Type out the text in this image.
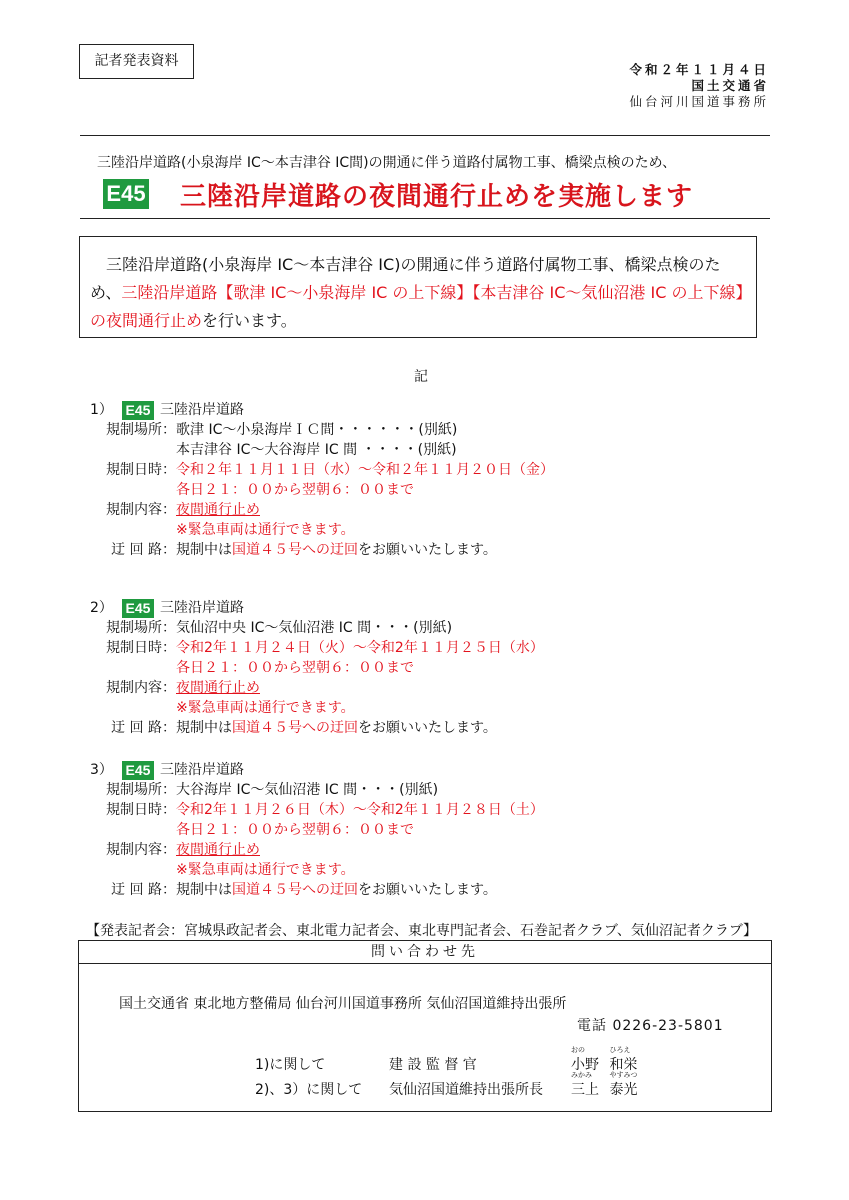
記者発表資料
令和２年１１月４日
国土交通省
仙台河川国道事務所
三陸沿岸道路(小泉海岸 IC～本吉津谷 IC間)の開通に伴う道路付属物工事、橋梁点検のため、
E45 三陸沿岸道路の夜間通行止めを実施します

三陸沿岸道路(小泉海岸 IC～本吉津谷 IC)の開通に伴う道路付属物工事、橋梁点検のため、三陸沿岸道路【歌津 IC～小泉海岸 IC の上下線】【本吉津谷 IC～気仙沼港 IC の上下線】の夜間通行止めを行います。

記
1） E45 三陸沿岸道路
規制場所： 歌津 IC～小泉海岸ＩＣ間・・・・・・(別紙)
本吉津谷 IC～大谷海岸 IC 間 ・・・・(別紙)
規制日時： 令和２年１１月１１日（水）～令和２年１１月２０日（金）
各日２１：００から翌朝６：００まで
規制内容： 夜間通行止め
※緊急車両は通行できます。
迂 回 路： 規制中は国道４５号への迂回をお願いいたします。
2） E45 三陸沿岸道路
規制場所： 気仙沼中央 IC～気仙沼港 IC 間・・・(別紙)
規制日時： 令和2年１１月２４日（火）～令和2年１１月２５日（水）
各日２１：００から翌朝６：００まで
規制内容： 夜間通行止め
※緊急車両は通行できます。
迂 回 路： 規制中は国道４５号への迂回をお願いいたします。
3） E45 三陸沿岸道路
規制場所： 大谷海岸 IC～気仙沼港 IC 間・・・(別紙)
規制日時： 令和2年１１月２６日（木）～令和2年１１月２８日（土）
各日２１：００から翌朝６：００まで
規制内容： 夜間通行止め
※緊急車両は通行できます。
迂 回 路： 規制中は国道４５号への迂回をお願いいたします。
【発表記者会：宮城県政記者会、東北電力記者会、東北専門記者会、石巻記者クラブ、気仙沼記者クラブ】
問い合わせ先
国土交通省 東北地方整備局 仙台河川国道事務所 気仙沼国道維持出張所
電話 0226-23-5801
1)に関して	建 設 監 督 官
おの
小野
ひろえ
和栄
2)、3）に関して 気仙沼国道維持出張所長
みかみ
三上
やすみつ
泰光
